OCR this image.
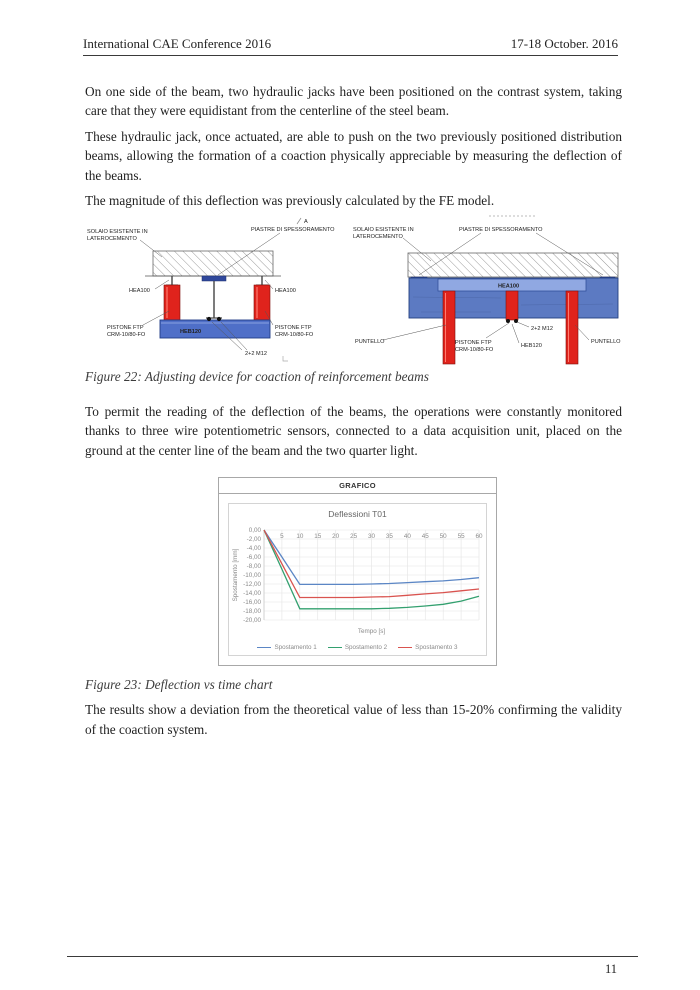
International CAE Conference 2016	17-18 October. 2016

On one side of the beam, two hydraulic jacks have been positioned on the contrast system, taking care that they were equidistant from the centerline of the steel beam.

These hydraulic jack, once actuated, are able to push on the two previously positioned distribution beams, allowing the formation of a coaction physically appreciable by measuring the deflection of the beams.

The magnitude of this deflection was previously calculated by the FE model.

A
SOLAIO ESISTENTE IN
LATEROCEMENTO
PIASTRE DI SPESSORAMENTO
HEA100	HEA100
PISTONE FTP
CRM-10/80-FO
PISTONE FTP
CRM-10/80-FO
HEB120
2+2 M12
SOLAIO ESISTENTE IN
LATEROCEMENTO
PIASTRE DI SPESSORAMENTO
HEA100
PUNTELLO	PUNTELLO
PISTONE FTP
CRM-10/80-FO
2+2 M12
HEB120

Figure 22: Adjusting device for coaction of reinforcement beams

To permit the reading of the deflection of the beams, the operations were constantly monitored thanks to three wire potentiometric sensors, connected to a data acquisition unit, placed on the ground at the center line of the beam and the two quarter light.

GRAFICO
Deflessioni T01
5 10 15 20 25 30 35 40 45 50 55 60
0,00
-2,00
-4,00
-6,00
-8,00
-10,00
-12,00
-14,00
-16,00
-18,00
-20,00
Tempo [s]
Spostamento [mm]
Spostamento 1	Spostamento 2	Spostamento 3

Figure 23: Deflection vs time chart

The results show a deviation from the theoretical value of less than 15-20% confirming the validity of the coaction system.

11
